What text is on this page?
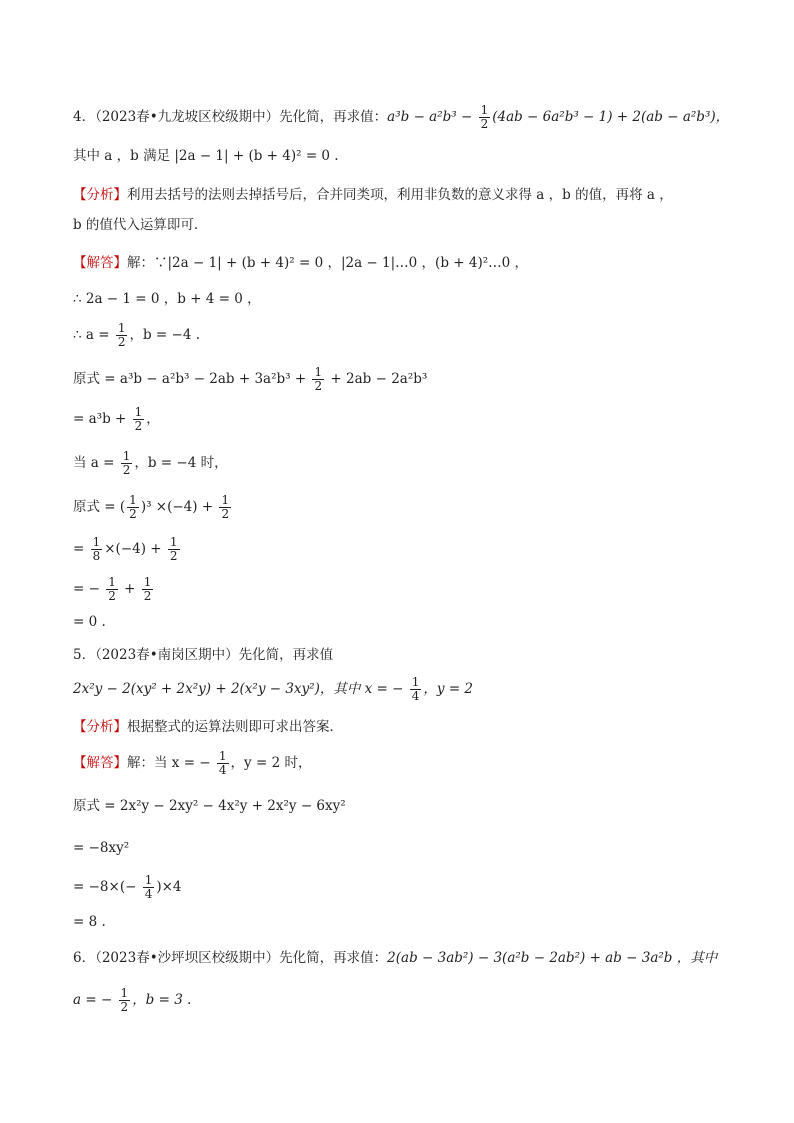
4．（2023春•九龙坡区校级期中）先化简，再求值：$a^3b - a^2b^3 - \frac{1}{2} (4ab - 6a^2b^3 - 1) + 2(ab - a^2b^3)$，
其中 a ，b 满足 |2a − 1| + (b + 4)² = 0 .
【分析】利用去括号的法则去掉括号后，合并同类项，利用非负数的意义求得 a ，b 的值，再将 a ，
b 的值代入运算即可．
【解答】解：∵|2a − 1| + (b + 4)² = 0 ，|2a − 1|…0 ，(b + 4)²…0 ，
∴ 2a − 1 = 0 ，b + 4 = 0 ，
∴ $a = \frac{1}{2}$ ，b = −4 .
原式 = $a^3b - a^2b^3 - 2ab + 3a^2b^3 + \frac{1}{2} + 2ab - 2a^2b^3$
= $a^3b + \frac{1}{2}$ ，
当 $a = \frac{1}{2}$ ，b = −4 时，
原式 = ( $\frac{1}{2} )^3 \times(-4) + \frac{1}{2}$
= $\frac{1}{8} \times(-4) + \frac{1}{2}$
= − $\frac{1}{2} + \frac{1}{2}$
= 0 .
5．（2023春•南岗区期中）先化简，再求值
2x²y − 2(xy² + 2x²y) + 2(x²y − 3xy²)，其中 x = − $\frac{1}{4}$ ，y = 2
【分析】根据整式的运算法则即可求出答案．
【解答】解：当 x = − $\frac{1}{4}$ ，y = 2 时，
原式 = 2x²y − 2xy² − 4x²y + 2x²y − 6xy²
= −8xy²
= $-8\times(- \frac{1}{4} )\times 4$
= 8 .
6．（2023春•沙坪坝区校级期中）先化简，再求值：2(ab − 3ab²) − 3(a²b − 2ab²) + ab − 3a²b ，其中
a = − $\frac{1}{2}$ ，b = 3 .
